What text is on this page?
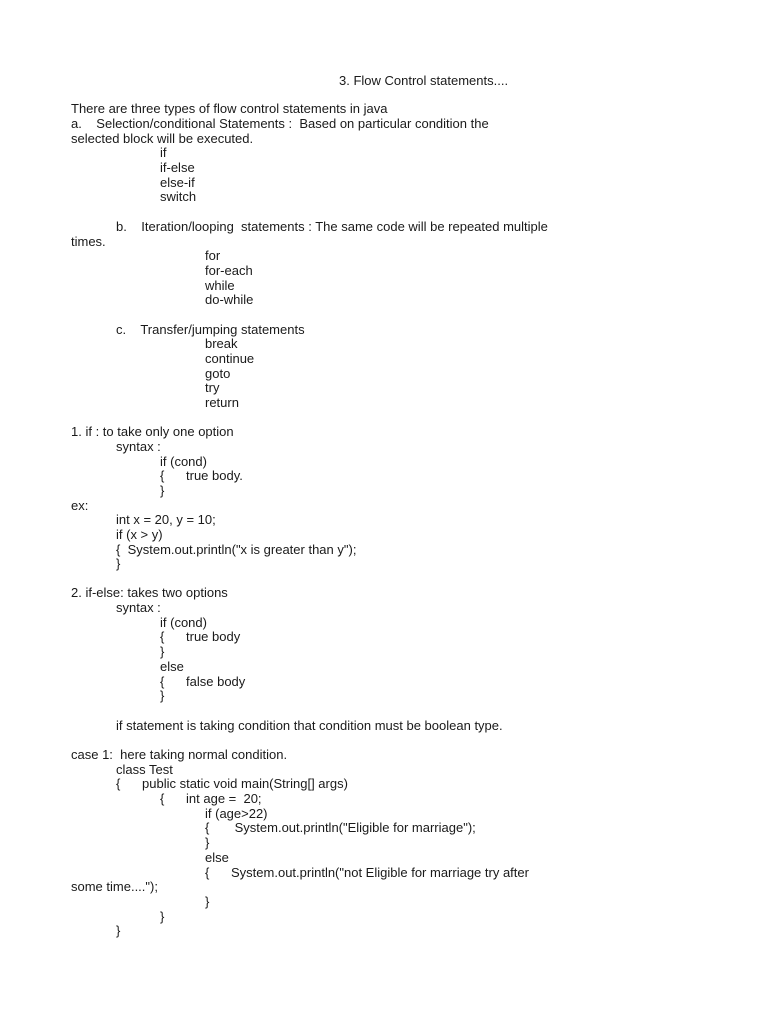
3. Flow Control statements....
There are three types of flow control statements in java
a.    Selection/conditional Statements :  Based on particular condition the
selected block will be executed.
if
if-else
else-if
switch
b.    Iteration/looping  statements : The same code will be repeated multiple
times.
for
for-each
while
do-while
c.    Transfer/jumping statements
break
continue
goto
try
return
1. if : to take only one option
syntax :
if (cond)
{      true body.
}
ex:
int x = 20, y = 10;
if (x > y)
{  System.out.println("x is greater than y");
}
2. if-else: takes two options
syntax :
if (cond)
{      true body
}
else
{      false body
}
if statement is taking condition that condition must be boolean type.
case 1:  here taking normal condition.
class Test
{      public static void main(String[] args)
{      int age =  20;
if (age>22)
{       System.out.println("Eligible for marriage");
}
else
{      System.out.println("not Eligible for marriage try after
some time....");
}
}
}
